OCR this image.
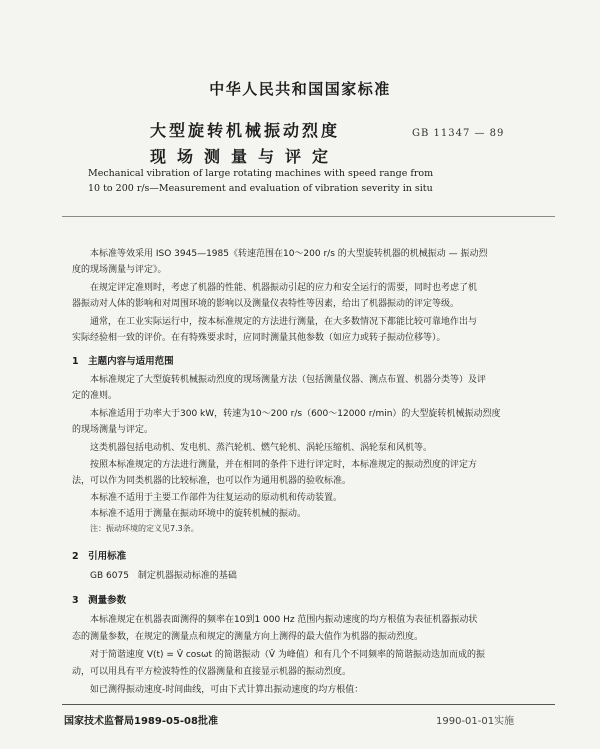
中华人民共和国国家标准
大型旋转机械振动烈度
现场测量与评定
GB 11347 — 89
Mechanical vibration of large rotating machines with speed range from
10 to 200 r/s—Measurement and evaluation of vibration severity in situ
本标准等效采用 ISO 3945—1985《转速范围在10～200 r/s 的大型旋转机器的机械振动 — 振动烈
度的现场测量与评定》。
在规定评定准则时，考虑了机器的性能、机器振动引起的应力和安全运行的需要，同时也考虑了机
器振动对人体的影响和对周围环境的影响以及测量仪表特性等因素，给出了机器振动的评定等级。
通常，在工业实际运行中，按本标准规定的方法进行测量，在大多数情况下都能比较可靠地作出与
实际经验相一致的评价。在有特殊要求时，应同时测量其他参数（如应力或转子振动位移等）。
1　主题内容与适用范围
本标准规定了大型旋转机械振动烈度的现场测量方法（包括测量仪器、测点布置、机器分类等）及评
定的准则。
本标准适用于功率大于300 kW，转速为10～200 r/s（600～12000 r/min）的大型旋转机械振动烈度
的现场测量与评定。
这类机器包括电动机、发电机、蒸汽轮机、燃气轮机、涡轮压缩机、涡轮泵和风机等。
按照本标准规定的方法进行测量，并在相同的条件下进行评定时，本标准规定的振动烈度的评定方
法，可以作为同类机器的比较标准，也可以作为通用机器的验收标准。
本标准不适用于主要工作部件为往复运动的原动机和传动装置。
本标准不适用于测量在振动环境中的旋转机械的振动。
注：振动环境的定义见7.3条。
2　引用标准
GB 6075　制定机器振动标准的基础
3　测量参数
本标准规定在机器表面测得的频率在10到1 000 Hz 范围内振动速度的均方根值为表征机器振动状
态的测量参数，在规定的测量点和规定的测量方向上测得的最大值作为机器的振动烈度。
对于简谐速度 V(t) = V̂ cosωt 的简谐振动（V̂ 为峰值）和有几个不同频率的简谐振动迭加而成的振
动，可以用具有平方检波特性的仪器测量和直接显示机器的振动烈度。
如已测得振动速度-时间曲线，可由下式计算出振动速度的均方根值：
国家技术监督局1989-05-08批准	1990-01-01实施
